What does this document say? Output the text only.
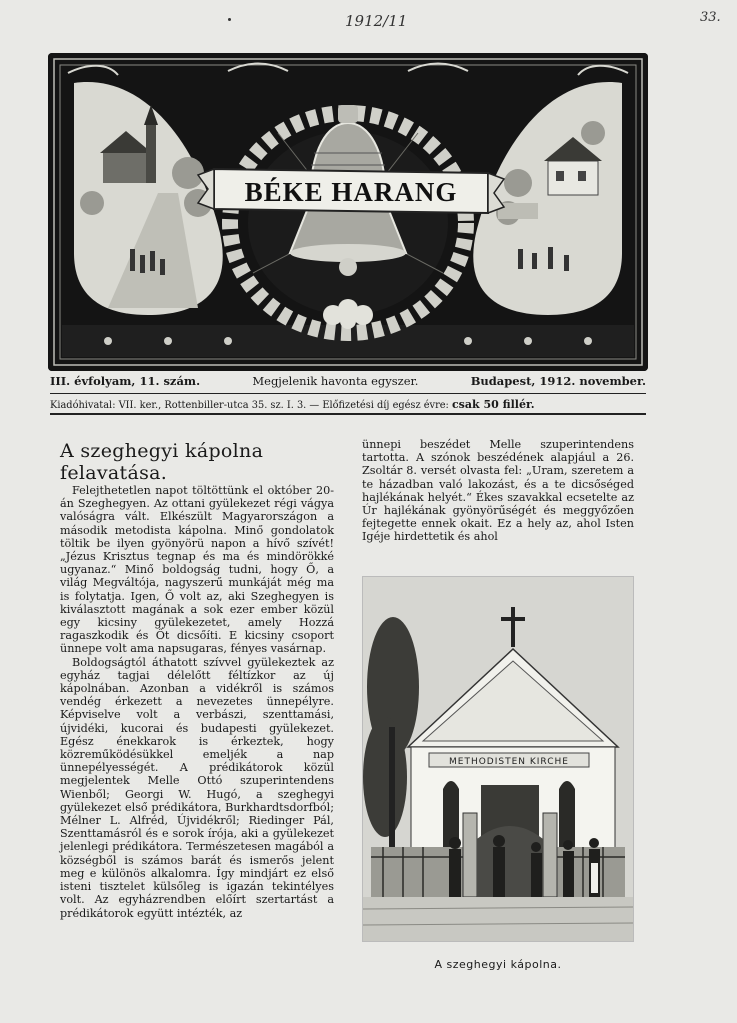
1912/11	33.
BÉKE HARANG
III. évfolyam, 11. szám.	Megjelenik havonta egyszer.	Budapest, 1912. november.
Kiadóhivatal: VII. ker., Rottenbiller-utca 35. sz. I. 3. — Előfizetési díj egész évre: csak 50 fillér.
A szeghegyi kápolna felavatása.

Felejthetetlen napot töltöttünk el október 20-án Szeghegyen. Az ottani gyülekezet régi vágya valóságra vált. Elkészült Magyarországon a második metodista kápolna. Minő gondolatok töltik be ilyen gyönyörü napon a hívő szívét! „Jézus Krisztus tegnap és ma és mindörökké ugyanaz.“ Minő boldogság tudni, hogy Ő, a világ Megváltója, nagyszerű munkáját még ma is folytatja. Igen, Ő volt az, aki Szeghegyen is kiválasztott magának a sok ezer ember közül egy kicsiny gyülekezetet, amely Hozzá ragaszkodik és Őt dicsőíti. E kicsiny csoport ünnepe volt ama napsugaras, fényes vasárnap.

Boldogságtól áthatott szívvel gyülekeztek az egyház tagjai délelőtt féltízkor az új kápolnában. Azonban a vidékről is számos vendég érkezett a nevezetes ünnepélyre. Képviselve volt a verbászi, szenttamási, újvidéki, kucorai és budapesti gyülekezet. Egész énekkarok is érkeztek, hogy közreműködésükkel emeljék a nap ünnepélyességét. A prédikátorok közül megjelentek Melle Ottó szuperintendens Wienből; Georgi W. Hugó, a szeghegyi gyülekezet első prédikátora, Burkhardtsdorfból; Mélner L. Alfréd, Újvidékről; Riedinger Pál, Szenttamásról és e sorok írója, aki a gyülekezet jelenlegi prédikátora. Természetesen magából a községből is számos barát és ismerős jelent meg e különös alkalomra. Így mindjárt ez első isteni tisztelet külsőleg is igazán tekintélyes volt. Az egyházrendben előírt szertartást a prédikátorok együtt intézték, az

ünnepi beszédet Melle szuperintendens tartotta. A szónok beszédének alapjául a 26. Zsoltár 8. versét olvasta fel: „Uram, szeretem a te házadban való lakozást, és a te dicsőséged hajlékának helyét.“ Ékes szavakkal ecsetelte az Úr hajlékának gyönyörűségét és meggyőzően fejtegette ennek okait. Ez a hely az, ahol Isten Igéje hirdettetik és ahol

METHODISTEN KIRCHE
A szeghegyi kápolna.
